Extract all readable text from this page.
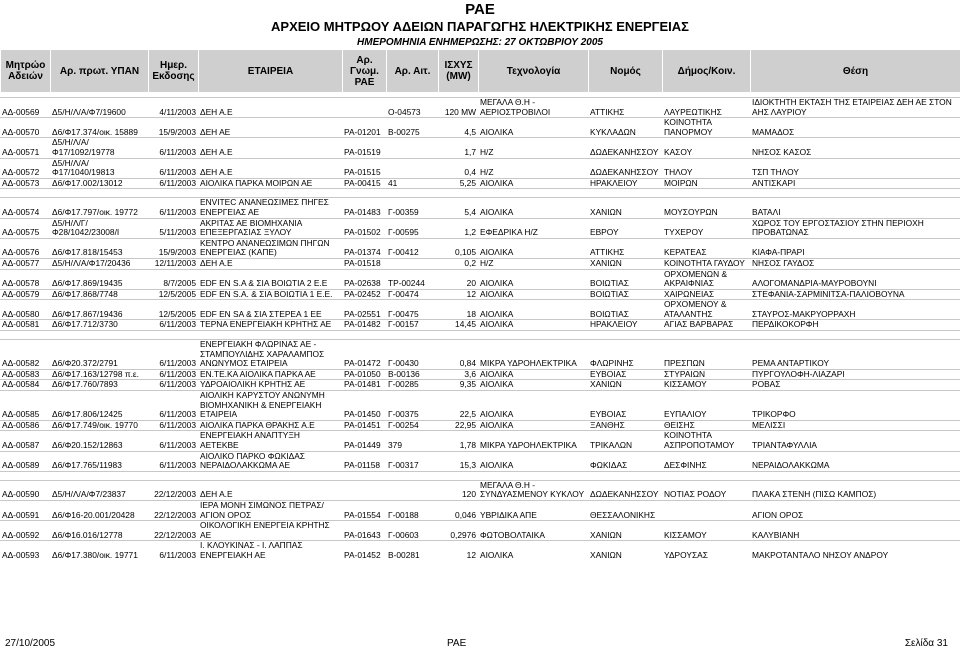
ΡΑΕ
ΑΡΧΕΙΟ ΜΗΤΡΩΟΥ ΑΔΕΙΩΝ ΠΑΡΑΓΩΓΗΣ ΗΛΕΚΤΡΙΚΗΣ ΕΝΕΡΓΕΙΑΣ
ΗΜΕΡΟΜΗΝΙΑ ΕΝΗΜΕΡΩΣΗΣ: 27 ΟΚΤΩΒΡΙΟΥ 2005
Μητρώο Αδειών	Αρ. πρωτ. ΥΠΑΝ	Ημερ. Εκδοσης	ΕΤΑΙΡΕΙΑ	Αρ. Γνωμ. ΡΑΕ	Αρ. Αιτ.	ΙΣΧΥΣ (MW)	Τεχνολογία	Νομός	Δήμος/Κοιν.	Θέση
ΑΔ-00569	Δ5/Η/Λ/Α/Φ7/19600	4/11/2003	ΔΕΗ Α.Ε		Ο-04573	120 MW	ΜΕΓΑΛΑ Θ.Η - ΑΕΡΙΟΣΤΡΟΒΙΛΟΙ	ΑΤΤΙΚΗΣ	ΛΑΥΡΕΩΤΙΚΗΣ	ΙΔΙΟΚΤΗΤΗ ΕΚΤΑΣΗ ΤΗΣ ΕΤΑΙΡΕΙΑΣ ΔΕΗ ΑΕ ΣΤΟΝ ΑΗΣ ΛΑΥΡΙΟΥ
ΑΔ-00570	Δ6/Φ17.374/οικ. 15889	15/9/2003	ΔΕΗ ΑΕ	ΡΑ-01201	Β-00275	4,5	ΑΙΟΛΙΚΑ	ΚΥΚΛΑΔΩΝ	ΚΟΙΝΟΤΗΤΑ ΠΑΝΟΡΜΟΥ	ΜΑΜΑΔΟΣ
ΑΔ-00571	Δ5/Η/Λ/Α/Φ17/1092/19778	6/11/2003	ΔΕΗ Α.Ε	ΡΑ-01519		1,7	Η/Ζ	ΔΩΔΕΚΑΝΗΣΣΟΥ	ΚΑΣΟΥ	ΝΗΣΟΣ ΚΑΣΟΣ
ΑΔ-00572	Δ5/Η/Λ/Α/Φ17/1040/19813	6/11/2003	ΔΕΗ Α.Ε	ΡΑ-01515		0,4	Η/Ζ	ΔΩΔΕΚΑΝΗΣΣΟΥ	ΤΗΛΟΥ	ΤΣΠ ΤΗΛΟΥ
ΑΔ-00573	Δ6/Φ17.002/13012	6/11/2003	ΑΙΟΛΙΚΑ ΠΑΡΚΑ ΜΟΙΡΩΝ ΑΕ	ΡΑ-00415	41	5,25	ΑΙΟΛΙΚΑ	ΗΡΑΚΛΕΙΟΥ	ΜΟΙΡΩΝ	ΑΝΤΙΣΚΑΡΙ

ΑΔ-00574	Δ6/Φ17.797/οικ. 19772	6/11/2003	ENVITEC ΑΝΑΝΕΩΣΙΜΕΣ ΠΗΓΕΣ ΕΝΕΡΓΕΙΑΣ ΑΕ	ΡΑ-01483	Γ-00359	5,4	ΑΙΟΛΙΚΑ	ΧΑΝΙΩΝ	ΜΟΥΣΟΥΡΩΝ	ΒΑΤΑΛΙ
ΑΔ-00575	Δ5/Η/Λ/Γ/Φ28/1042/23008/Ι	5/11/2003	ΑΚΡΙΤΑΣ ΑΕ ΒΙΟΜΗΧΑΝΙΑ ΕΠΕΞΕΡΓΑΣΙΑΣ ΞΥΛΟΥ	ΡΑ-01502	Γ-00595	1,2	ΕΦΕΔΡΙΚΑ Η/Ζ	ΕΒΡΟΥ	ΤΥΧΕΡΟΥ	ΧΩΡΟΣ ΤΟΥ ΕΡΓΟΣΤΑΣΙΟΥ ΣΤΗΝ ΠΕΡΙΟΧΗ ΠΡΟΒΑΤΩΝΑΣ
ΑΔ-00576	Δ6/Φ17.818/15453	15/9/2003	ΚΕΝΤΡΟ ΑΝΑΝΕΩΣΙΜΩΝ ΠΗΓΩΝ ΕΝΕΡΓΕΙΑΣ (ΚΑΠΕ)	ΡΑ-01374	Γ-00412	0,105	ΑΙΟΛΙΚΑ	ΑΤΤΙΚΗΣ	ΚΕΡΑΤΕΑΣ	ΚΙΑΦΑ-ΠΡΑΡΙ
ΑΔ-00577	Δ5/Η/Λ/Α/Φ17/20436	12/11/2003	ΔΕΗ Α.Ε	ΡΑ-01518		0,2	Η/Ζ	ΧΑΝΙΩΝ	ΚΟΙΝΟΤΗΤΑ ΓΑΥΔΟΥ	ΝΗΣΟΣ ΓΑΥΔΟΣ
ΑΔ-00578	Δ6/Φ17.869/19435	8/7/2005	EDF EN S.A & ΣΙΑ ΒΟΙΩΤΙΑ 2 Ε.Ε	ΡΑ-02638	ΤΡ-00244	20	ΑΙΟΛΙΚΑ	ΒΟΙΩΤΙΑΣ	ΟΡΧΟΜΕΝΩΝ & ΑΚΡΑΙΦΝΙΑΣ	ΑΛΟΓΟΜΑΝΔΡΙΑ-ΜΑΥΡΟΒΟΥΝΙ
ΑΔ-00579	Δ6/Φ17.868/7748	12/5/2005	EDF EN S.A. & ΣΙΑ ΒΟΙΩΤΙΑ 1 Ε.Ε.	ΡΑ-02452	Γ-00474	12	ΑΙΟΛΙΚΑ	ΒΟΙΩΤΙΑΣ	ΧΑΙΡΩΝΕΙΑΣ	ΣΤΕΦΑΝΙΑ-ΣΑΡΜΙΝΙΤΣΑ-ΠΑΛΙΟΒΟΥΝΑ
ΑΔ-00580	Δ6/Φ17.867/19436	12/5/2005	EDF EN SA & ΣΙΑ ΣΤΕΡΕΑ 1 ΕΕ	ΡΑ-02551	Γ-00475	18	ΑΙΟΛΙΚΑ	ΒΟΙΩΤΙΑΣ	ΟΡΧΟΜΕΝΟΥ & ΑΤΑΛΑΝΤΗΣ	ΣΤΑΥΡΟΣ-ΜΑΚΡΥΟΡΡΑΧΗ
ΑΔ-00581	Δ6/Φ17.712/3730	6/11/2003	ΤΕΡΝΑ ΕΝΕΡΓΕΙΑΚΗ ΚΡΗΤΗΣ ΑΕ	ΡΑ-01482	Γ-00157	14,45	ΑΙΟΛΙΚΑ	ΗΡΑΚΛΕΙΟΥ	ΑΓΙΑΣ ΒΑΡΒΑΡΑΣ	ΠΕΡΔΙΚΟΚΟΡΦΗ

ΑΔ-00582	Δ6/Φ20.372/2791	6/11/2003	ΕΝΕΡΓΕΙΑΚΗ ΦΛΩΡΙΝΑΣ ΑΕ - ΣΤΑΜΠΟΥΛΙΔΗΣ ΧΑΡΑΛΑΜΠΟΣ ΑΝΩΝΥΜΟΣ ΕΤΑΙΡΕΙΑ	ΡΑ-01472	Γ-00430	0,84	ΜΙΚΡΑ ΥΔΡΟΗΛΕΚΤΡΙΚΑ	ΦΛΩΡΙΝΗΣ	ΠΡΕΣΠΩΝ	ΡΕΜΑ ΑΝΤΑΡΤΙΚΟΥ
ΑΔ-00583	Δ6/Φ17.163/12798 π.ε.	6/11/2003	ΕΝ.ΤΕ.ΚΑ ΑΙΟΛΙΚΑ ΠΑΡΚΑ ΑΕ	ΡΑ-01050	Β-00136	3,6	ΑΙΟΛΙΚΑ	ΕΥΒΟΙΑΣ	ΣΤΥΡΑΙΩΝ	ΠΥΡΓΟΥΛΟΦΗ-ΛΙΑΖΑΡΙ
ΑΔ-00584	Δ6/Φ17.760/7893	6/11/2003	ΥΔΡΟΑΙΟΛΙΚΗ ΚΡΗΤΗΣ ΑΕ	ΡΑ-01481	Γ-00285	9,35	ΑΙΟΛΙΚΑ	ΧΑΝΙΩΝ	ΚΙΣΣΑΜΟΥ	ΡΟΒΑΣ
ΑΔ-00585	Δ6/Φ17.806/12425	6/11/2003	ΑΙΟΛΙΚΗ ΚΑΡΥΣΤΟΥ ΑΝΩΝΥΜΗ ΒΙΟΜΗΧΑΝΙΚΗ & ΕΝΕΡΓΕΙΑΚΗ ΕΤΑΙΡΕΙΑ	ΡΑ-01450	Γ-00375	22,5	ΑΙΟΛΙΚΑ	ΕΥΒΟΙΑΣ	ΕΥΠΑΛΙΟΥ	ΤΡΙΚΟΡΦΟ
ΑΔ-00586	Δ6/Φ17.749/οικ. 19770	6/11/2003	ΑΙΟΛΙΚΑ ΠΑΡΚΑ ΘΡΑΚΗΣ Α.Ε	ΡΑ-01451	Γ-00254	22,95	ΑΙΟΛΙΚΑ	ΞΑΝΘΗΣ	ΘΕΙΣΗΣ	ΜΕΛΙΣΣΙ
ΑΔ-00587	Δ6/Φ20.152/12863	6/11/2003	ΕΝΕΡΓΕΙΑΚΗ ΑΝΑΠΤΥΞΗ ΑΕΤΕΚΒΕ	ΡΑ-01449	379	1,78	ΜΙΚΡΑ ΥΔΡΟΗΛΕΚΤΡΙΚΑ	ΤΡΙΚΑΛΩΝ	ΚΟΙΝΟΤΗΤΑ ΑΣΠΡΟΠΟΤΑΜΟΥ	ΤΡΙΑΝΤΑΦΥΛΛΙΑ
ΑΔ-00589	Δ6/Φ17.765/11983	6/11/2003	ΑΙΟΛΙΚΟ ΠΑΡΚΟ ΦΩΚΙΔΑΣ ΝΕΡΑΙΔΟΛΑΚΚΩΜΑ ΑΕ	ΡΑ-01158	Γ-00317	15,3	ΑΙΟΛΙΚΑ	ΦΩΚΙΔΑΣ	ΔΕΣΦΙΝΗΣ	ΝΕΡΑΙΔΟΛΑΚΚΩΜΑ

ΑΔ-00590	Δ5/Η/Λ/Α/Φ7/23837	22/12/2003	ΔΕΗ Α.Ε			120	ΜΕΓΑΛΑ Θ.Η - ΣΥΝΔΥΑΣΜΕΝΟΥ ΚΥΚΛΟΥ	ΔΩΔΕΚΑΝΗΣΣΟΥ	ΝΟΤΙΑΣ ΡΟΔΟΥ	ΠΛΑΚΑ ΣΤΕΝΗ (ΠΙΣΩ ΚΑΜΠΟΣ)
ΑΔ-00591	Δ6/Φ16-20.001/20428	22/12/2003	ΙΕΡΑ ΜΟΝΗ ΣΙΜΩΝΟΣ ΠΕΤΡΑΣ/ΑΓΙΟΝ ΟΡΟΣ	ΡΑ-01554	Γ-00188	0,046	ΥΒΡΙΔΙΚΑ ΑΠΕ	ΘΕΣΣΑΛΟΝΙΚΗΣ		ΑΓΙΟΝ ΟΡΟΣ
ΑΔ-00592	Δ6/Φ16.016/12778	22/12/2003	ΟΙΚΟΛΟΓΙΚΗ ΕΝΕΡΓΕΙΑ ΚΡΗΤΗΣ ΑΕ	ΡΑ-01643	Γ-00603	0,2976	ΦΩΤΟΒΟΛΤΑΙΚΑ	ΧΑΝΙΩΝ	ΚΙΣΣΑΜΟΥ	ΚΑΛΥΒΙΑΝΗ
ΑΔ-00593	Δ6/Φ17.380/οικ. 19771	6/11/2003	Ι. ΚΛΟΥΚΙΝΑΣ - Ι. ΛΑΠΠΑΣ ΕΝΕΡΓΕΙΑΚΗ ΑΕ	ΡΑ-01452	Β-00281	12	ΑΙΟΛΙΚΑ	ΧΑΝΙΩΝ	ΥΔΡΟΥΣΑΣ	ΜΑΚΡΟΤΑΝΤΑΛΟ ΝΗΣΟΥ ΑΝΔΡΟΥ
27/10/2005	ΡΑΕ	Σελίδα 31
